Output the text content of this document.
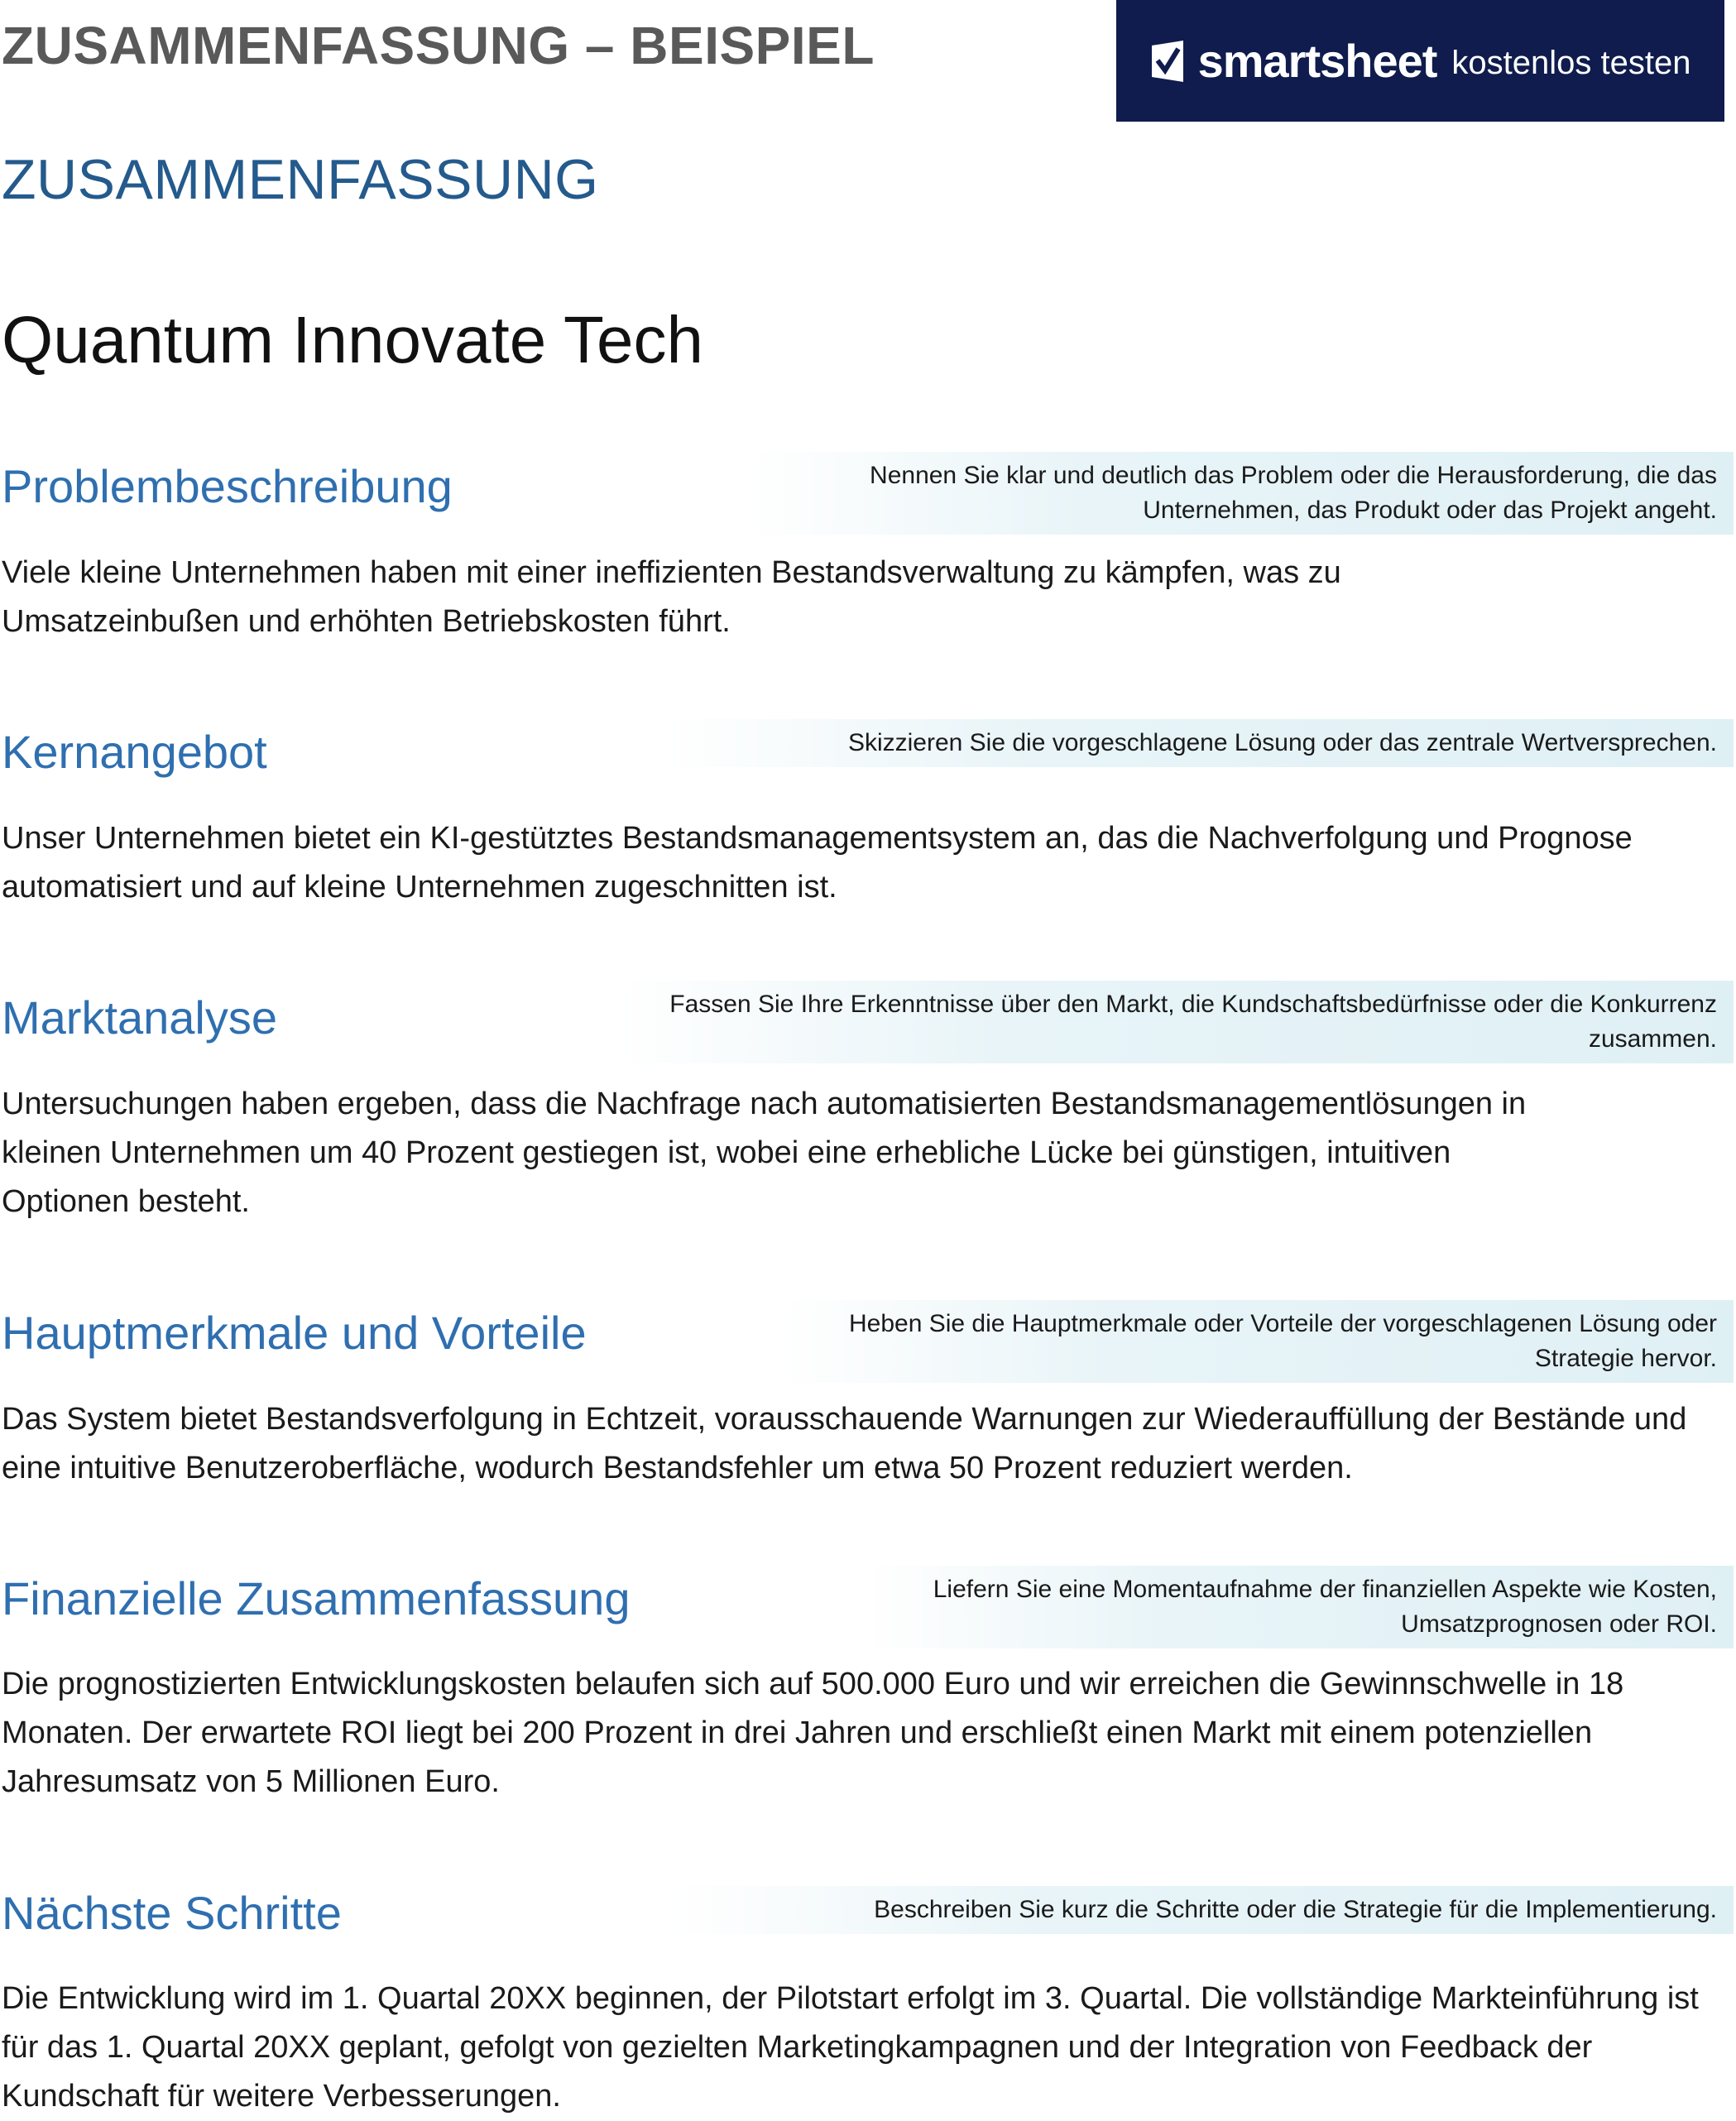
ZUSAMMENFASSUNG – BEISPIEL	smartsheet kostenlos testen
ZUSAMMENFASSUNG
Quantum Innovate Tech
Problembeschreibung	Nennen Sie klar und deutlich das Problem oder die Herausforderung, die das Unternehmen, das Produkt oder das Projekt angeht.

Viele kleine Unternehmen haben mit einer ineffizienten Bestandsverwaltung zu kämpfen, was zu Umsatzeinbußen und erhöhten Betriebskosten führt.

Kernangebot	Skizzieren Sie die vorgeschlagene Lösung oder das zentrale Wertversprechen.

Unser Unternehmen bietet ein KI-gestütztes Bestandsmanagementsystem an, das die Nachverfolgung und Prognose automatisiert und auf kleine Unternehmen zugeschnitten ist.

Marktanalyse	Fassen Sie Ihre Erkenntnisse über den Markt, die Kundschaftsbedürfnisse oder die Konkurrenz zusammen.

Untersuchungen haben ergeben, dass die Nachfrage nach automatisierten Bestandsmanagementlösungen in kleinen Unternehmen um 40 Prozent gestiegen ist, wobei eine erhebliche Lücke bei günstigen, intuitiven Optionen besteht.

Hauptmerkmale und Vorteile	Heben Sie die Hauptmerkmale oder Vorteile der vorgeschlagenen Lösung oder Strategie hervor.

Das System bietet Bestandsverfolgung in Echtzeit, vorausschauende Warnungen zur Wiederauffüllung der Bestände und eine intuitive Benutzeroberfläche, wodurch Bestandsfehler um etwa 50 Prozent reduziert werden.

Finanzielle Zusammenfassung	Liefern Sie eine Momentaufnahme der finanziellen Aspekte wie Kosten, Umsatzprognosen oder ROI.

Die prognostizierten Entwicklungskosten belaufen sich auf 500.000 Euro und wir erreichen die Gewinnschwelle in 18 Monaten. Der erwartete ROI liegt bei 200 Prozent in drei Jahren und erschließt einen Markt mit einem potenziellen Jahresumsatz von 5 Millionen Euro.

Nächste Schritte	Beschreiben Sie kurz die Schritte oder die Strategie für die Implementierung.

Die Entwicklung wird im 1. Quartal 20XX beginnen, der Pilotstart erfolgt im 3. Quartal. Die vollständige Markteinführung ist für das 1. Quartal 20XX geplant, gefolgt von gezielten Marketingkampagnen und der Integration von Feedback der Kundschaft für weitere Verbesserungen.
